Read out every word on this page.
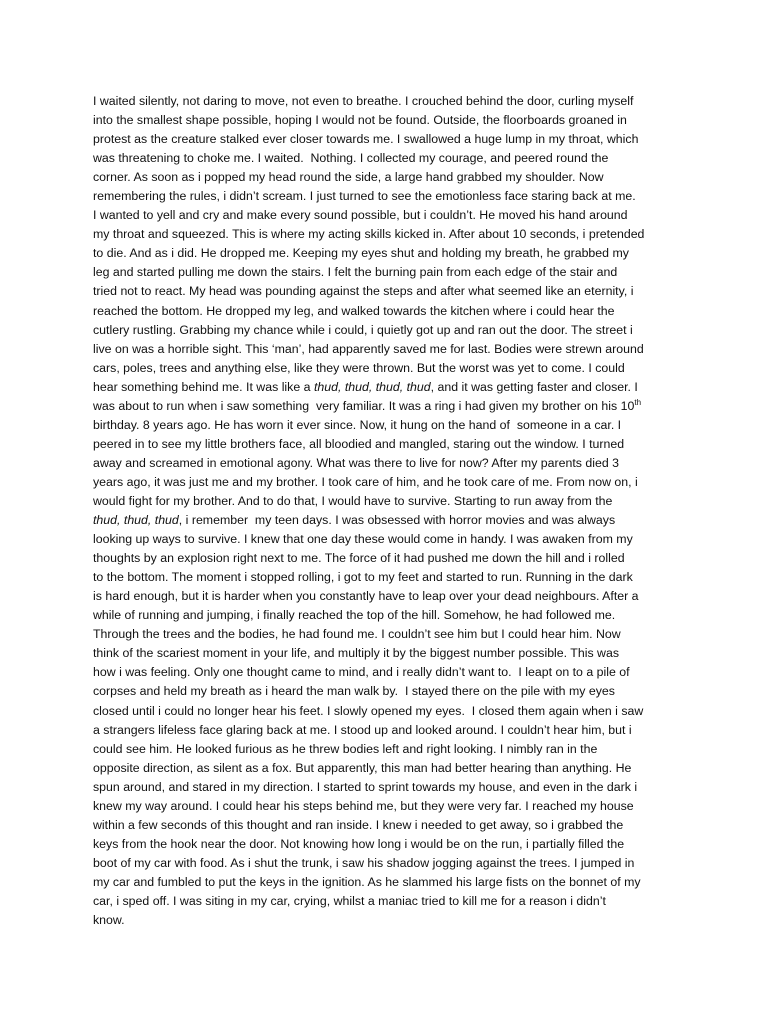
I waited silently, not daring to move, not even to breathe. I crouched behind the door, curling myself
into the smallest shape possible, hoping I would not be found. Outside, the floorboards groaned in
protest as the creature stalked ever closer towards me. I swallowed a huge lump in my throat, which
was threatening to choke me. I waited.  Nothing. I collected my courage, and peered round the
corner. As soon as i popped my head round the side, a large hand grabbed my shoulder. Now
remembering the rules, i didn’t scream. I just turned to see the emotionless face staring back at me.
I wanted to yell and cry and make every sound possible, but i couldn’t. He moved his hand around
my throat and squeezed. This is where my acting skills kicked in. After about 10 seconds, i pretended
to die. And as i did. He dropped me. Keeping my eyes shut and holding my breath, he grabbed my
leg and started pulling me down the stairs. I felt the burning pain from each edge of the stair and
tried not to react. My head was pounding against the steps and after what seemed like an eternity, i
reached the bottom. He dropped my leg, and walked towards the kitchen where i could hear the
cutlery rustling. Grabbing my chance while i could, i quietly got up and ran out the door. The street i
live on was a horrible sight. This ‘man’, had apparently saved me for last. Bodies were strewn around
cars, poles, trees and anything else, like they were thrown. But the worst was yet to come. I could
hear something behind me. It was like a thud, thud, thud, thud, and it was getting faster and closer. I
was about to run when i saw something  very familiar. It was a ring i had given my brother on his 10th
birthday. 8 years ago. He has worn it ever since. Now, it hung on the hand of  someone in a car. I
peered in to see my little brothers face, all bloodied and mangled, staring out the window. I turned
away and screamed in emotional agony. What was there to live for now? After my parents died 3
years ago, it was just me and my brother. I took care of him, and he took care of me. From now on, i
would fight for my brother. And to do that, I would have to survive. Starting to run away from the
thud, thud, thud, i remember  my teen days. I was obsessed with horror movies and was always
looking up ways to survive. I knew that one day these would come in handy. I was awaken from my
thoughts by an explosion right next to me. The force of it had pushed me down the hill and i rolled
to the bottom. The moment i stopped rolling, i got to my feet and started to run. Running in the dark
is hard enough, but it is harder when you constantly have to leap over your dead neighbours. After a
while of running and jumping, i finally reached the top of the hill. Somehow, he had followed me.
Through the trees and the bodies, he had found me. I couldn’t see him but I could hear him. Now
think of the scariest moment in your life, and multiply it by the biggest number possible. This was
how i was feeling. Only one thought came to mind, and i really didn’t want to.  I leapt on to a pile of
corpses and held my breath as i heard the man walk by.  I stayed there on the pile with my eyes
closed until i could no longer hear his feet. I slowly opened my eyes.  I closed them again when i saw
a strangers lifeless face glaring back at me. I stood up and looked around. I couldn’t hear him, but i
could see him. He looked furious as he threw bodies left and right looking. I nimbly ran in the
opposite direction, as silent as a fox. But apparently, this man had better hearing than anything. He
spun around, and stared in my direction. I started to sprint towards my house, and even in the dark i
knew my way around. I could hear his steps behind me, but they were very far. I reached my house
within a few seconds of this thought and ran inside. I knew i needed to get away, so i grabbed the
keys from the hook near the door. Not knowing how long i would be on the run, i partially filled the
boot of my car with food. As i shut the trunk, i saw his shadow jogging against the trees. I jumped in
my car and fumbled to put the keys in the ignition. As he slammed his large fists on the bonnet of my
car, i sped off. I was siting in my car, crying, whilst a maniac tried to kill me for a reason i didn’t
know.
